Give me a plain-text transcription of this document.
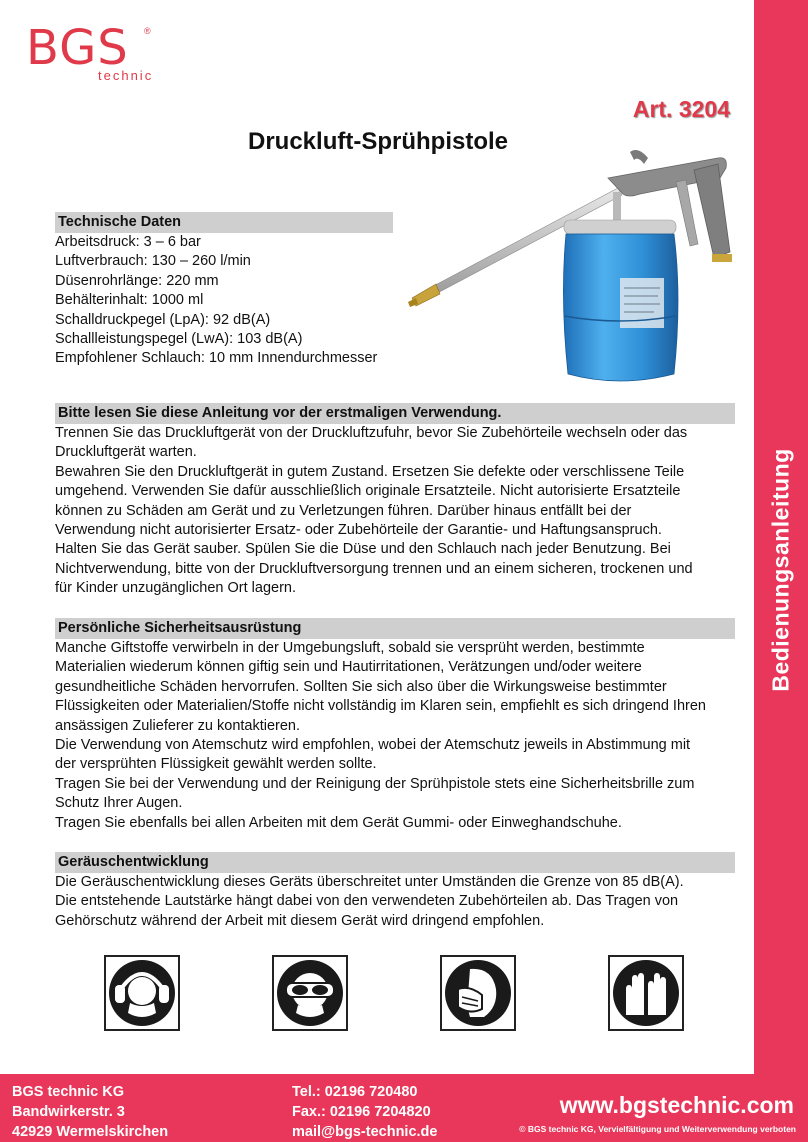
BGS ®
technic
Art. 3204
Druckluft-Sprühpistole
Bedienungsanleitung
Technische Daten

Arbeitsdruck: 3 – 6 bar

Luftverbrauch: 130 – 260 l/min

Düsenrohrlänge: 220 mm

Behälterinhalt: 1000 ml

Schalldruckpegel (LpA): 92 dB(A)

Schallleistungspegel (LwA): 103 dB(A)

Empfohlener Schlauch: 10 mm Innendurchmesser

Bitte lesen Sie diese Anleitung vor der erstmaligen Verwendung.

Trennen Sie das Druckluftgerät von der Druckluftzufuhr, bevor Sie Zubehörteile wechseln oder das

Druckluftgerät warten.

Bewahren Sie den Druckluftgerät in gutem Zustand. Ersetzen Sie defekte oder verschlissene Teile

umgehend. Verwenden Sie dafür ausschließlich originale Ersatzteile. Nicht autorisierte Ersatzteile

können zu Schäden am Gerät und zu Verletzungen führen. Darüber hinaus entfällt bei der

Verwendung nicht autorisierter Ersatz- oder Zubehörteile der Garantie- und Haftungsanspruch.

Halten Sie das Gerät sauber. Spülen Sie die Düse und den Schlauch nach jeder Benutzung. Bei

Nichtverwendung, bitte von der Druckluftversorgung trennen und an einem sicheren, trockenen und

für Kinder unzugänglichen Ort lagern.

Persönliche Sicherheitsausrüstung

Manche Giftstoffe verwirbeln in der Umgebungsluft, sobald sie versprüht werden, bestimmte

Materialien wiederum können giftig sein und Hautirritationen, Verätzungen und/oder weitere

gesundheitliche Schäden hervorrufen. Sollten Sie sich also über die Wirkungsweise bestimmter

Flüssigkeiten oder Materialien/Stoffe nicht vollständig im Klaren sein, empfiehlt es sich dringend Ihren

ansässigen Zulieferer zu kontaktieren.

Die Verwendung von Atemschutz wird empfohlen, wobei der Atemschutz jeweils in Abstimmung mit

der versprühten Flüssigkeit gewählt werden sollte.

Tragen Sie bei der Verwendung und der Reinigung der Sprühpistole stets eine Sicherheitsbrille zum

Schutz Ihrer Augen.

Tragen Sie ebenfalls bei allen Arbeiten mit dem Gerät Gummi- oder Einweghandschuhe.

Geräuschentwicklung

Die Geräuschentwicklung dieses Geräts überschreitet unter Umständen die Grenze von 85 dB(A).

Die entstehende Lautstärke hängt dabei von den verwendeten Zubehörteilen ab. Das Tragen von

Gehörschutz während der Arbeit mit diesem Gerät wird dringend empfohlen.

BGS technic KG
Bandwirkerstr. 3
42929 Wermelskirchen
Tel.: 02196 720480
Fax.: 02196 7204820
mail@bgs-technic.de
www.bgstechnic.com
© BGS technic KG, Vervielfältigung und Weiterverwendung verboten
